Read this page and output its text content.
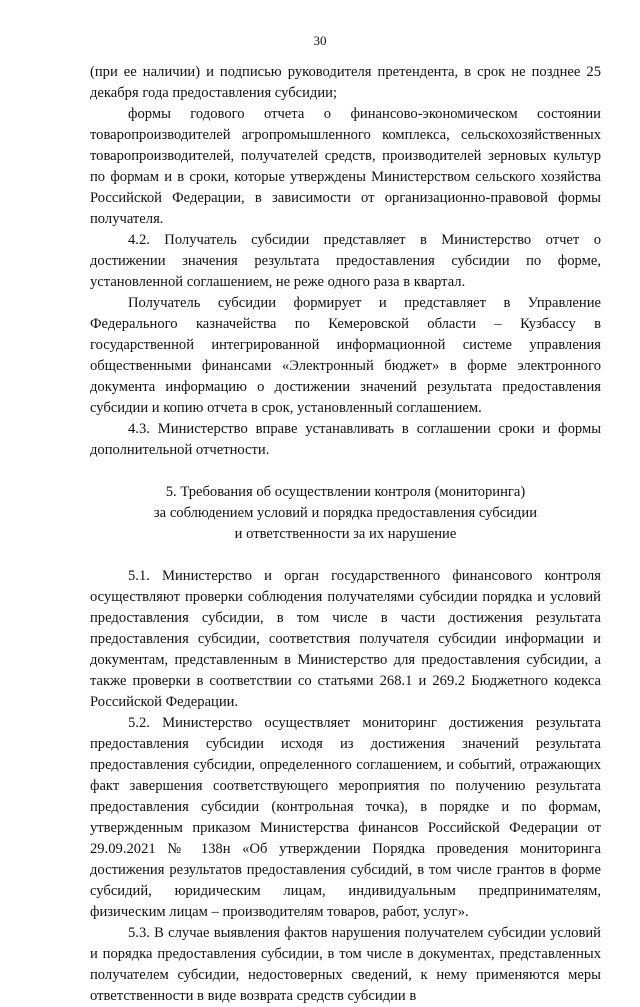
30

(при ее наличии) и подписью руководителя претендента, в срок не позднее 25 декабря года предоставления субсидии;

формы годового отчета о финансово-экономическом состоянии товаропроизводителей агропромышленного комплекса, сельскохозяйственных товаропроизводителей, получателей средств, производителей зерновых культур по формам и в сроки, которые утверждены Министерством сельского хозяйства Российской Федерации, в зависимости от организационно-правовой формы получателя.

4.2. Получатель субсидии представляет в Министерство отчет о достижении значения результата предоставления субсидии по форме, установленной соглашением, не реже одного раза в квартал.

Получатель субсидии формирует и представляет в Управление Федерального казначейства по Кемеровской области – Кузбассу в государственной интегрированной информационной системе управления общественными финансами «Электронный бюджет» в форме электронного документа информацию о достижении значений результата предоставления субсидии и копию отчета в срок, установленный соглашением.

4.3. Министерство вправе устанавливать в соглашении сроки и формы дополнительной отчетности.

5. Требования об осуществлении контроля (мониторинга)
за соблюдением условий и порядка предоставления субсидии
и ответственности за их нарушение

5.1. Министерство и орган государственного финансового контроля осуществляют проверки соблюдения получателями субсидии порядка и условий предоставления субсидии, в том числе в части достижения результата предоставления субсидии, соответствия получателя субсидии информации и документам, представленным в Министерство для предоставления субсидии, а также проверки в соответствии со статьями 268.1 и 269.2 Бюджетного кодекса Российской Федерации.

5.2. Министерство осуществляет мониторинг достижения результата предоставления субсидии исходя из достижения значений результата предоставления субсидии, определенного соглашением, и событий, отражающих факт завершения соответствующего мероприятия по получению результата предоставления субсидии (контрольная точка), в порядке и по формам, утвержденным приказом Министерства финансов Российской Федерации от 29.09.2021 № 138н «Об утверждении Порядка проведения мониторинга достижения результатов предоставления субсидий, в том числе грантов в форме субсидий, юридическим лицам, индивидуальным предпринимателям, физическим лицам – производителям товаров, работ, услуг».

5.3. В случае выявления фактов нарушения получателем субсидии условий и порядка предоставления субсидии, в том числе в документах, представленных получателем субсидии, недостоверных сведений, к нему применяются меры ответственности в виде возврата средств субсидии в
